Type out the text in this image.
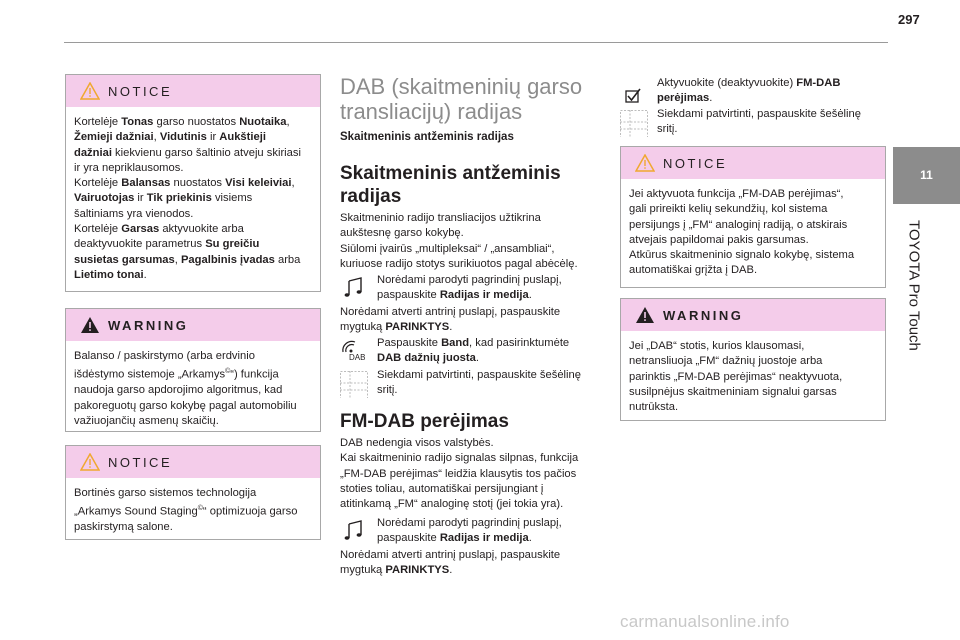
297
11
TOYOTA Pro Touch
NOTICE
Kortelėje Tonas garso nuostatos Nuotaika,
Žemieji dažniai, Vidutinis ir Aukštieji
dažniai kiekvienu garso šaltinio atveju skiriasi
ir yra nepriklausomos.
Kortelėje Balansas nuostatos Visi keleiviai,
Vairuotojas ir Tik priekinis visiems
šaltiniams yra vienodos.
Kortelėje Garsas aktyvuokite arba
deaktyvuokite parametrus Su greičiu
susietas garsumas, Pagalbinis įvadas arba
Lietimo tonai.
WARNING
Balanso / paskirstymo (arba erdvinio
išdėstymo sistemoje „Arkamys©“) funkcija
naudoja garso apdorojimo algoritmus, kad
pakoreguotų garso kokybę pagal automobiliu
važiuojančių asmenų skaičių.
NOTICE
Bortinės garso sistemos technologija
„Arkamys Sound Staging©“ optimizuoja garso
paskirstymą salone.
DAB (skaitmeninių garso
transliacijų) radijas
Skaitmeninis antžeminis radijas
Skaitmeninis antžeminis
radijas
Skaitmeninio radijo transliacijos užtikrina
aukštesnę garso kokybę.
Siūlomi įvairūs „multipleksai“ / „ansambliai“,
kuriuose radijo stotys surikiuotos pagal abėcėlę.
Norėdami parodyti pagrindinį puslapį,
paspauskite Radijas ir medija.
Norėdami atverti antrinį puslapį, paspauskite
mygtuką PARINKTYS.
DAB
Paspauskite Band, kad pasirinktumėte
DAB dažnių juosta.
Siekdami patvirtinti, paspauskite šešėlinę
sritį.
FM-DAB perėjimas
DAB nedengia visos valstybės.
Kai skaitmeninio radijo signalas silpnas, funkcija
„FM-DAB perėjimas“ leidžia klausytis tos pačios
stoties toliau, automatiškai persijungiant į
atitinkamą „FM“ analoginę stotį (jei tokia yra).
Norėdami parodyti pagrindinį puslapį,
paspauskite Radijas ir medija.
Norėdami atverti antrinį puslapį, paspauskite
mygtuką PARINKTYS.
Aktyvuokite (deaktyvuokite) FM-DAB
perėjimas.
Siekdami patvirtinti, paspauskite šešėlinę
sritį.
NOTICE
Jei aktyvuota funkcija „FM-DAB perėjimas“,
gali prireikti kelių sekundžių, kol sistema
persijungs į „FM“ analoginį radiją, o atskirais
atvejais papildomai pakis garsumas.
Atkūrus skaitmeninio signalo kokybę, sistema
automatiškai grįžta į DAB.
WARNING
Jei „DAB“ stotis, kurios klausomasi,
netransliuoja „FM“ dažnių juostoje arba
parinktis „FM-DAB perėjimas“ neaktyvuota,
susilpnėjus skaitmeniniam signalui garsas
nutrūksta.
carmanualsonline.info
